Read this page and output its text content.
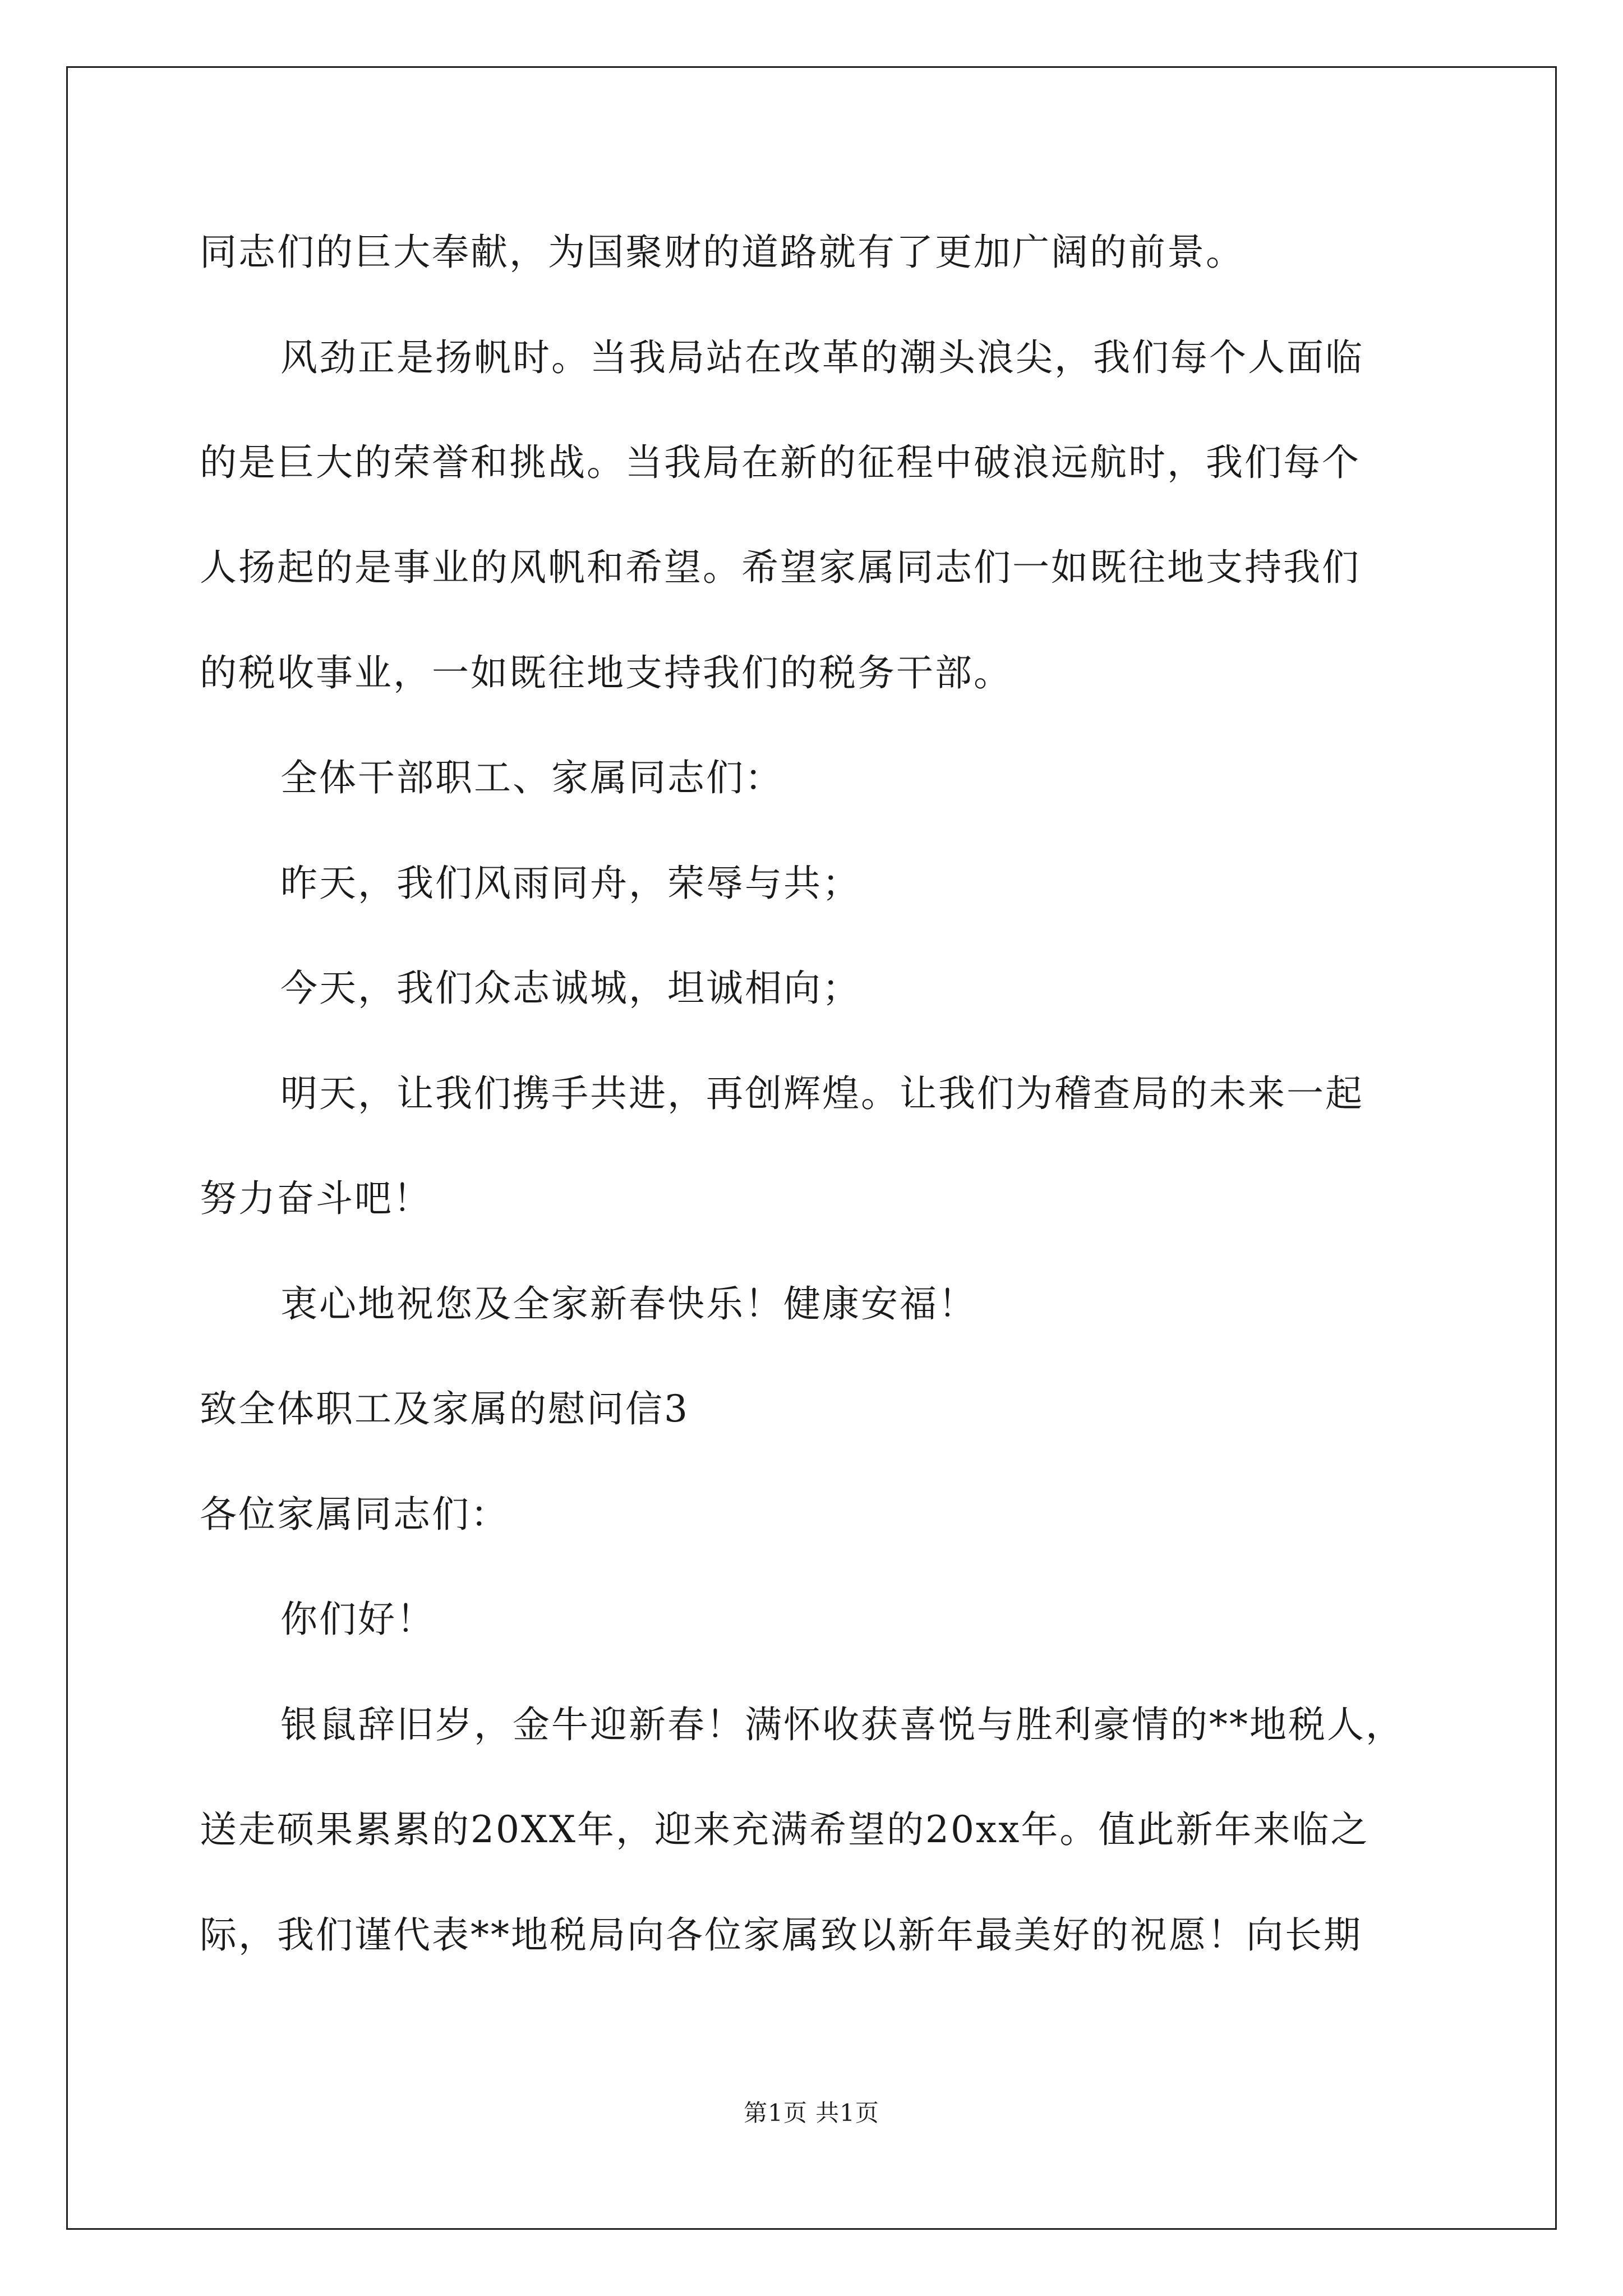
同志们的巨大奉献，为国聚财的道路就有了更加广阔的前景。
风劲正是扬帆时。当我局站在改革的潮头浪尖，我们每个人面临
的是巨大的荣誉和挑战。当我局在新的征程中破浪远航时，我们每个
人扬起的是事业的风帆和希望。希望家属同志们一如既往地支持我们
的税收事业，一如既往地支持我们的税务干部。
全体干部职工、家属同志们：
昨天，我们风雨同舟，荣辱与共；
今天，我们众志诚城，坦诚相向；
明天，让我们携手共进，再创辉煌。让我们为稽查局的未来一起
努力奋斗吧！
衷心地祝您及全家新春快乐！健康安福！
致全体职工及家属的慰问信3
各位家属同志们：
你们好！
银鼠辞旧岁，金牛迎新春！满怀收获喜悦与胜利豪情的**地税人，
送走硕果累累的20XX年，迎来充满希望的20xx年。值此新年来临之
际，我们谨代表**地税局向各位家属致以新年最美好的祝愿！向长期
第1页 共1页
